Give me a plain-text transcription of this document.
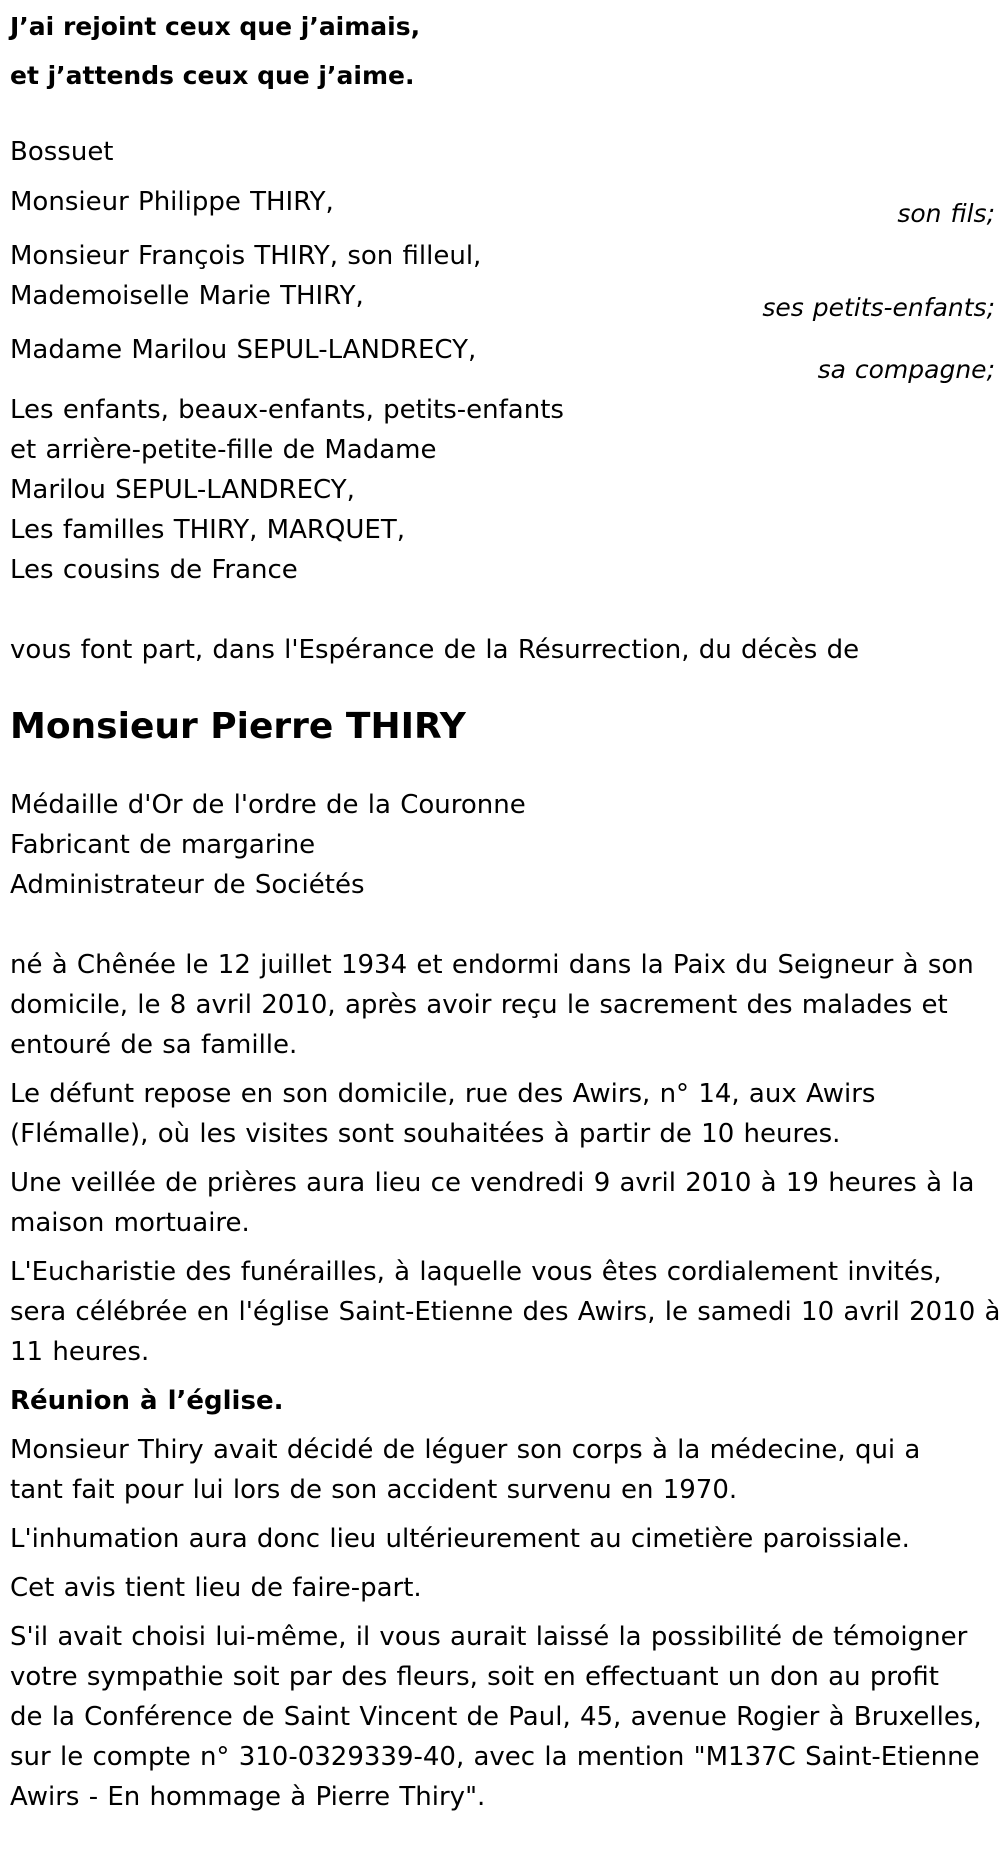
J’ai rejoint ceux que j’aimais,
et j’attends ceux que j’aime.
Bossuet
Monsieur Philippe THIRY,	son fils;
Monsieur François THIRY, son filleul,
Mademoiselle Marie THIRY,	ses petits-enfants;
Madame Marilou SEPUL-LANDRECY,
sa compagne;
Les enfants, beaux-enfants, petits-enfants
et arrière-petite-fille de Madame
Marilou SEPUL-LANDRECY,
Les familles THIRY, MARQUET,
Les cousins de France
vous font part, dans l'Espérance de la Résurrection, du décès de
Monsieur Pierre THIRY
Médaille d'Or de l'ordre de la Couronne
Fabricant de margarine
Administrateur de Sociétés
né à Chênée le 12 juillet 1934 et endormi dans la Paix du Seigneur à son
domicile, le 8 avril 2010, après avoir reçu le sacrement des malades et
entouré de sa famille.
Le défunt repose en son domicile, rue des Awirs, n° 14, aux Awirs
(Flémalle), où les visites sont souhaitées à partir de 10 heures.
Une veillée de prières aura lieu ce vendredi 9 avril 2010 à 19 heures à la
maison mortuaire.
L'Eucharistie des funérailles, à laquelle vous êtes cordialement invités,
sera célébrée en l'église Saint-Etienne des Awirs, le samedi 10 avril 2010 à
11 heures.
Réunion à l’église.
Monsieur Thiry avait décidé de léguer son corps à la médecine, qui a
tant fait pour lui lors de son accident survenu en 1970.
L'inhumation aura donc lieu ultérieurement au cimetière paroissiale.
Cet avis tient lieu de faire-part.
S'il avait choisi lui-même, il vous aurait laissé la possibilité de témoigner
votre sympathie soit par des fleurs, soit en effectuant un don au profit
de la Conférence de Saint Vincent de Paul, 45, avenue Rogier à Bruxelles,
sur le compte n° 310-0329339-40, avec la mention "M137C Saint-Etienne
Awirs - En hommage à Pierre Thiry".
